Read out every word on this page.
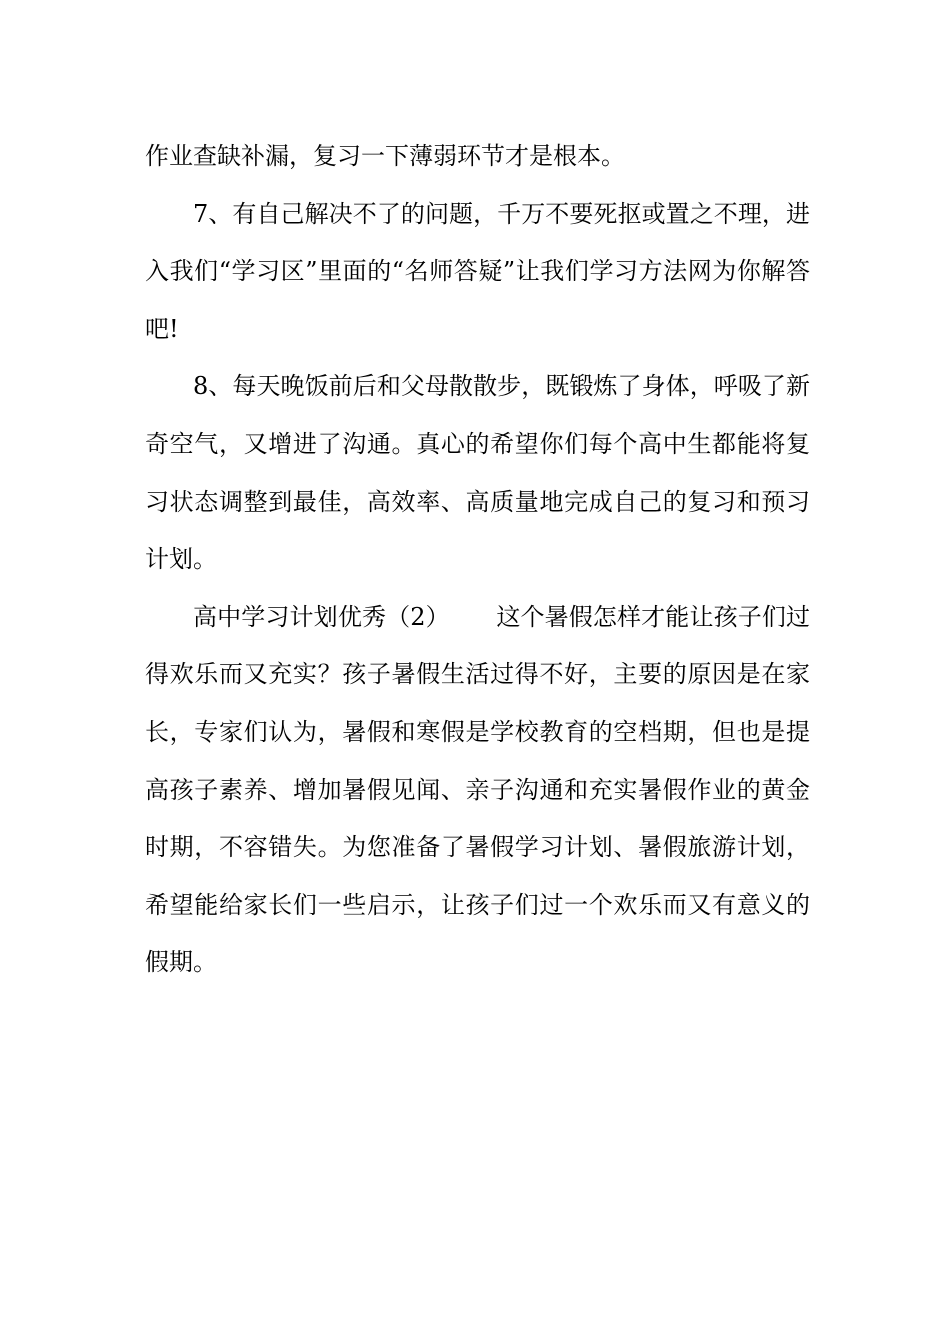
作业查缺补漏，复习一下薄弱环节才是根本。

7、有自己解决不了的问题，千万不要死抠或置之不理，进入我们“学习区”里面的“名师答疑”让我们学习方法网为你解答吧!

8、每天晚饭前后和父母散散步，既锻炼了身体，呼吸了新奇空气，又增进了沟通。真心的希望你们每个高中生都能将复习状态调整到最佳，高效率、高质量地完成自己的复习和预习计划。

高中学习计划优秀（2） 这个暑假怎样才能让孩子们过得欢乐而又充实？孩子暑假生活过得不好，主要的原因是在家长，专家们认为，暑假和寒假是学校教育的空档期，但也是提高孩子素养、增加暑假见闻、亲子沟通和充实暑假作业的黄金时期，不容错失。为您准备了暑假学习计划、暑假旅游计划，希望能给家长们一些启示，让孩子们过一个欢乐而又有意义的假期。
